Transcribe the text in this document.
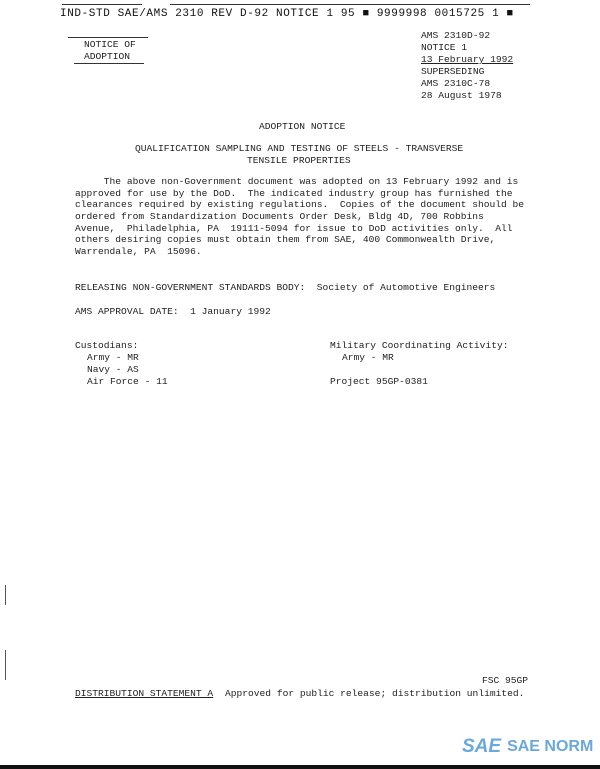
IND-STD SAE/AMS 2310 REV D-92 NOTICE 1 95 ■ 9999998 0015725 1 ■
NOTICE OF
ADOPTION
AMS 2310D-92
NOTICE 1
13 February 1992
SUPERSEDING
AMS 2310C-78
28 August 1978
ADOPTION NOTICE
QUALIFICATION SAMPLING AND TESTING OF STEELS - TRANSVERSE
TENSILE PROPERTIES
The above non-Government document was adopted on 13 February 1992 and is
approved for use by the DoD.  The indicated industry group has furnished the
clearances required by existing regulations.  Copies of the document should be
ordered from Standardization Documents Order Desk, Bldg 4D, 700 Robbins
Avenue,  Philadelphia, PA  19111-5094 for issue to DoD activities only.  All
others desiring copies must obtain them from SAE, 400 Commonwealth Drive,
Warrendale, PA  15096.
RELEASING NON-GOVERNMENT STANDARDS BODY:  Society of Automotive Engineers
AMS APPROVAL DATE:  1 January 1992
Custodians:
Army - MR
Navy - AS
Air Force - 11
Military Coordinating Activity:
Army - MR
Project 95GP-0381
FSC 95GP
DISTRIBUTION STATEMENT A Approved for public release; distribution unlimited.
SAE SAE NORM
